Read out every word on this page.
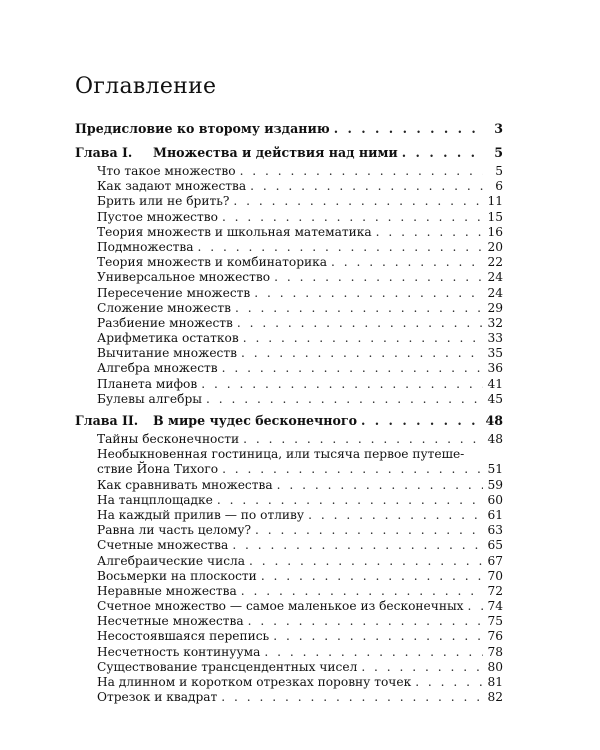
Оглавление
Предисловие ко второму изданию . . .	3
Глава I. Множества и действия над ними . . .	5
Что такое множество . . .	5
Как задают множества . . .	6
Брить или не брить? . . .	11
Пустое множество . . .	15
Теория множеств и школьная математика . . .	16
Подмножества . . .	20
Теория множеств и комбинаторика . . .	22
Универсальное множество . . .	24
Пересечение множеств . . .	24
Сложение множеств . . .	29
Разбиение множеств . . .	32
Арифметика остатков . . .	33
Вычитание множеств . . .	35
Алгебра множеств . . .	36
Планета мифов . . .	41
Булевы алгебры . . .	45
Глава II. В мире чудес бесконечного . . .	48
Тайны бесконечности . . .	48
Необыкновенная гостиница, или тысяча первое путеше-
ствие Йона Тихого . . .	51
Как сравнивать множества . . .	59
На танцплощадке . . .	60
На каждый прилив — по отливу . . .	61
Равна ли часть целому? . . .	63
Счетные множества . . .	65
Алгебраические числа . . .	67
Восьмерки на плоскости . . .	70
Неравные множества . . .	72
Счетное множество — самое маленькое из бесконечных . . . 74
Несчетные множества . . .	75
Несостоявшаяся перепись . . .	76
Несчетность континуума . . .	78
Существование трансцендентных чисел . . .	80
На длинном и коротком отрезках поровну точек . . .	81
Отрезок и квадрат . . .	82
